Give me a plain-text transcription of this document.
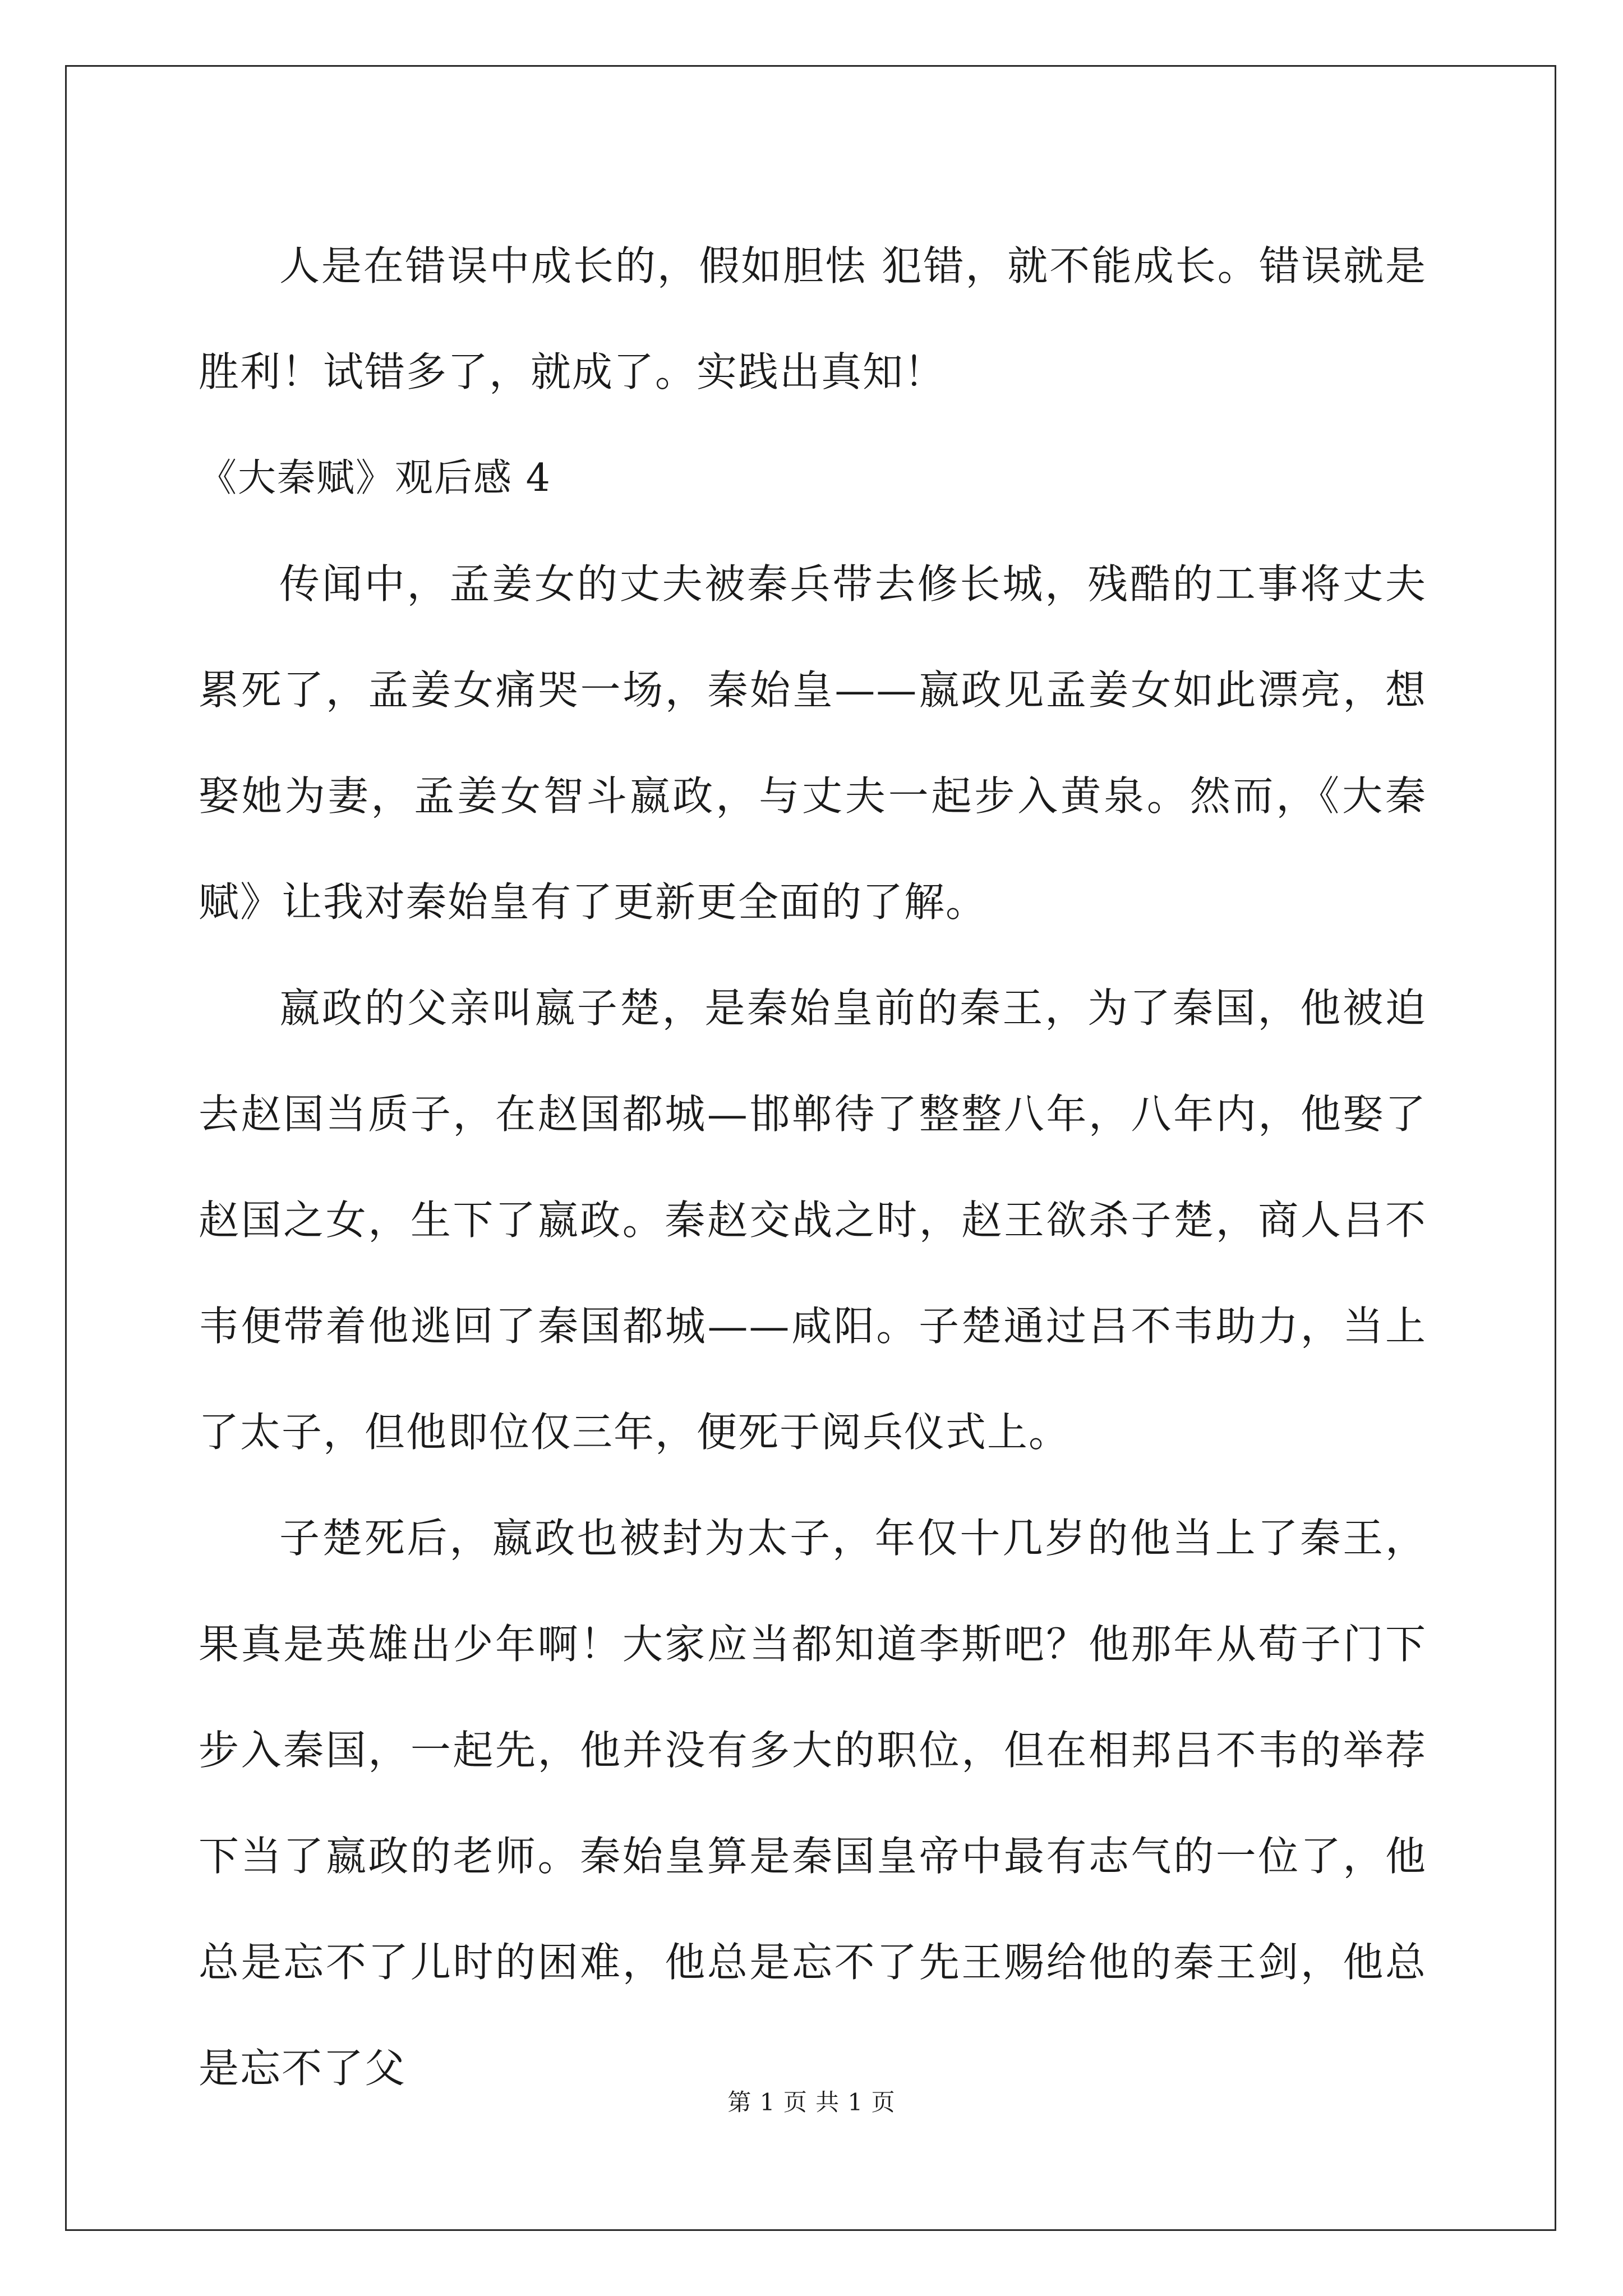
人是在错误中成长的，假如胆怯 犯错，就不能成长。错误就是胜利！试错多了，就成了。实践出真知！

《大秦赋》观后感 4

传闻中，孟姜女的丈夫被秦兵带去修长城，残酷的工事将丈夫累死了，孟姜女痛哭一场，秦始皇——嬴政见孟姜女如此漂亮，想娶她为妻，孟姜女智斗嬴政，与丈夫一起步入黄泉。然而，《大秦赋》让我对秦始皇有了更新更全面的了解。

嬴政的父亲叫嬴子楚，是秦始皇前的秦王，为了秦国，他被迫去赵国当质子，在赵国都城—邯郸待了整整八年，八年内，他娶了赵国之女，生下了嬴政。秦赵交战之时，赵王欲杀子楚，商人吕不韦便带着他逃回了秦国都城——咸阳。子楚通过吕不韦助力，当上了太子，但他即位仅三年，便死于阅兵仪式上。

子楚死后，嬴政也被封为太子，年仅十几岁的他当上了秦王，果真是英雄出少年啊！大家应当都知道李斯吧？他那年从荀子门下步入秦国，一起先，他并没有多大的职位，但在相邦吕不韦的举荐下当了嬴政的老师。秦始皇算是秦国皇帝中最有志气的一位了，他总是忘不了儿时的困难，他总是忘不了先王赐给他的秦王剑，他总是忘不了父

第 1 页 共 1 页
